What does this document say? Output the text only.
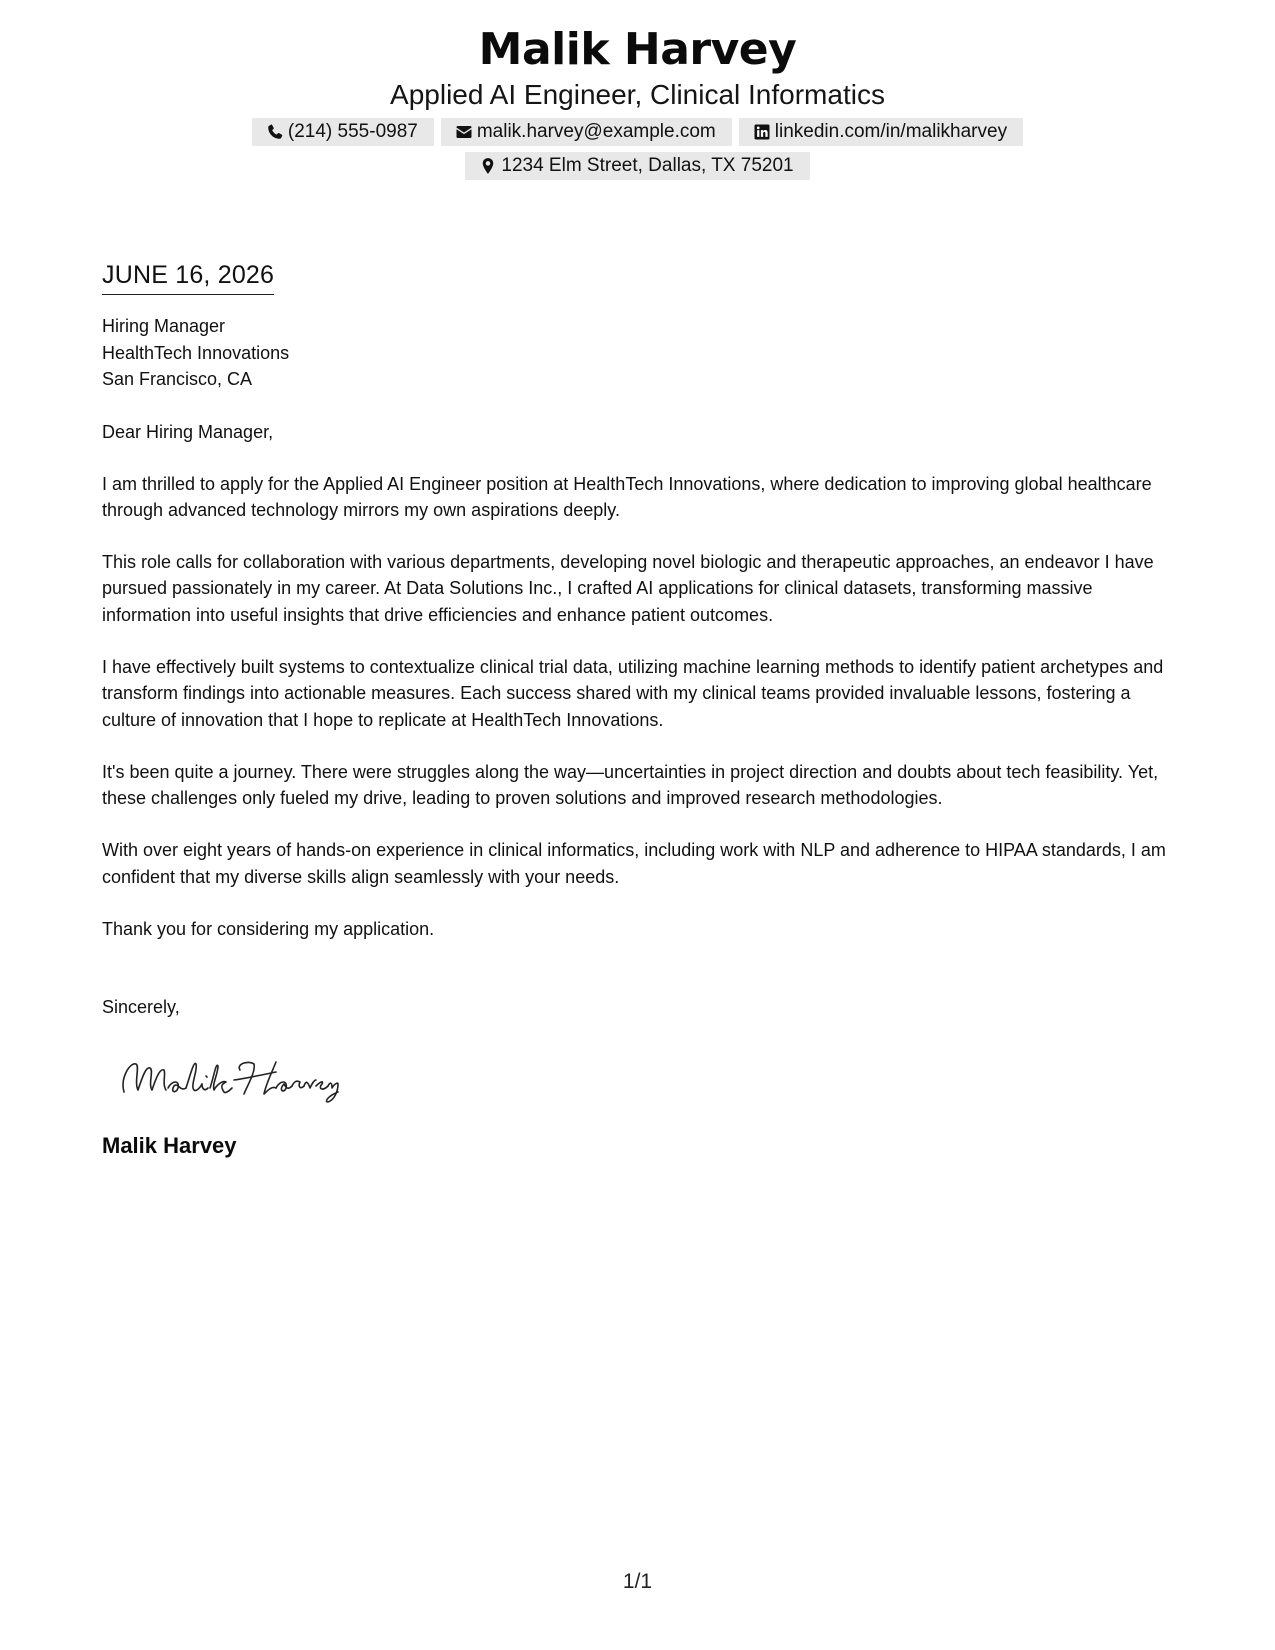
Malik Harvey
Applied AI Engineer, Clinical Informatics
(214) 555-0987	malik.harvey@example.com	linkedin.com/in/malikharvey
1234 Elm Street, Dallas, TX 75201
JUNE 16, 2026
Hiring Manager
HealthTech Innovations
San Francisco, CA
Dear Hiring Manager,
I am thrilled to apply for the Applied AI Engineer position at HealthTech Innovations, where dedication to improving global healthcare through advanced technology mirrors my own aspirations deeply.
This role calls for collaboration with various departments, developing novel biologic and therapeutic approaches, an endeavor I have pursued passionately in my career. At Data Solutions Inc., I crafted AI applications for clinical datasets, transforming massive information into useful insights that drive efficiencies and enhance patient outcomes.
I have effectively built systems to contextualize clinical trial data, utilizing machine learning methods to identify patient archetypes and transform findings into actionable measures. Each success shared with my clinical teams provided invaluable lessons, fostering a culture of innovation that I hope to replicate at HealthTech Innovations.
It's been quite a journey. There were struggles along the way—uncertainties in project direction and doubts about tech feasibility. Yet, these challenges only fueled my drive, leading to proven solutions and improved research methodologies.
With over eight years of hands-on experience in clinical informatics, including work with NLP and adherence to HIPAA standards, I am confident that my diverse skills align seamlessly with your needs.
Thank you for considering my application.
Sincerely,
Malik Harvey
1/1
